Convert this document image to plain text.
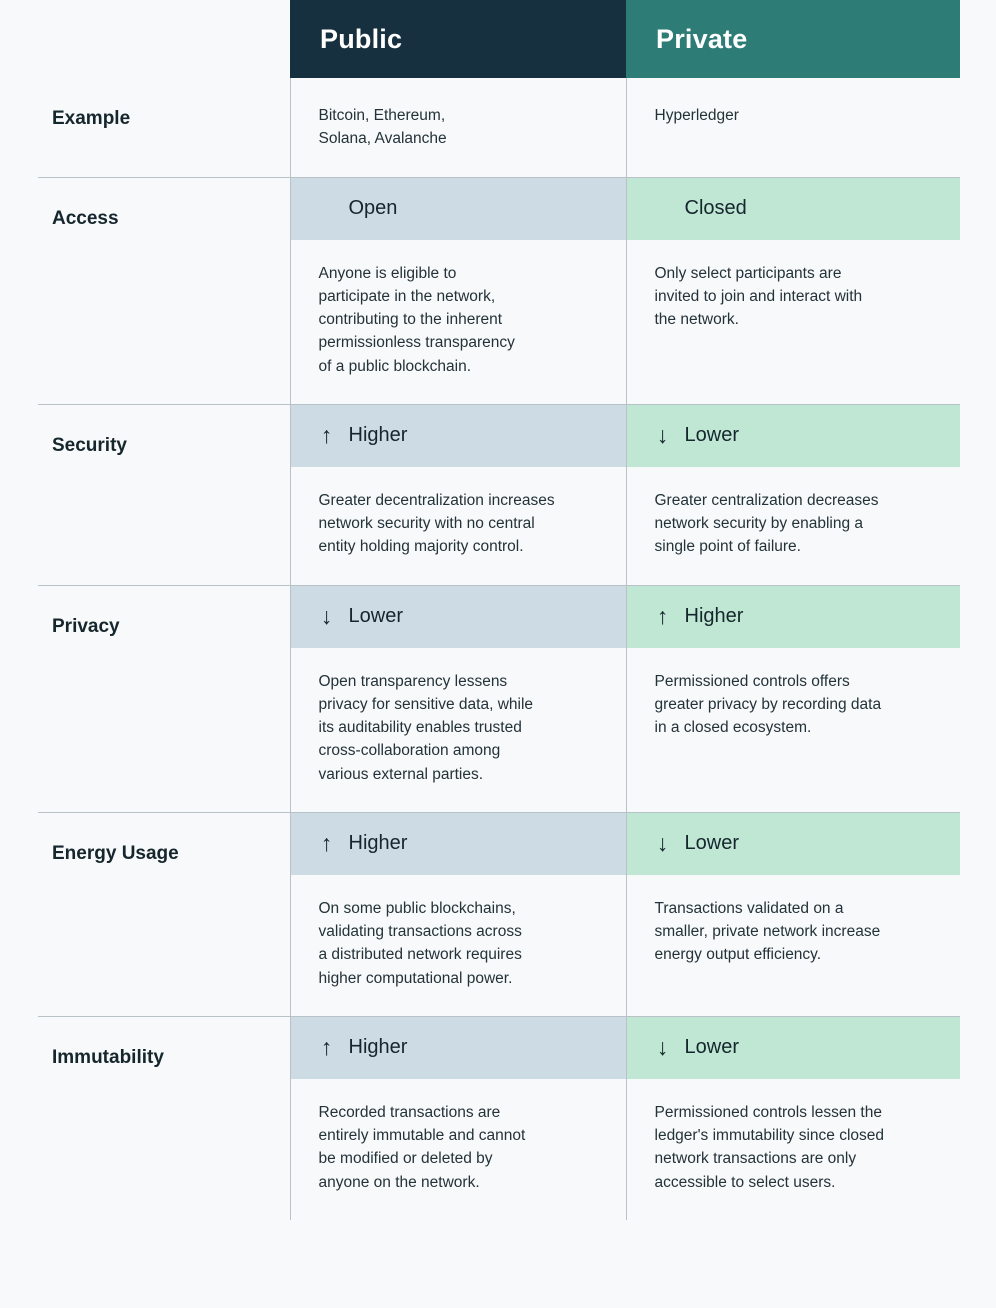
	Public	Private

Example	Bitcoin, Ethereum,
Solana, Avalanche	Hyperledger

Access	Open	Closed

	Anyone is eligible to
participate in the network,
contributing to the inherent
permissionless transparency
of a public blockchain.	Only select participants are
invited to join and interact with
the network.

Security	↑ Higher	↓ Lower

	Greater decentralization increases
network security with no central
entity holding majority control.	Greater centralization decreases
network security by enabling a
single point of failure.

Privacy	↓ Lower	↑ Higher

	Open transparency lessens
privacy for sensitive data, while
its auditability enables trusted
cross-collaboration among
various external parties.	Permissioned controls offers
greater privacy by recording data
in a closed ecosystem.

Energy Usage	↑ Higher	↓ Lower

	On some public blockchains,
validating transactions across
a distributed network requires
higher computational power.	Transactions validated on a
smaller, private network increase
energy output efficiency.

Immutability	↑ Higher	↓ Lower

	Recorded transactions are
entirely immutable and cannot
be modified or deleted by
anyone on the network.	Permissioned controls lessen the
ledger's immutability since closed
network transactions are only
accessible to select users.
